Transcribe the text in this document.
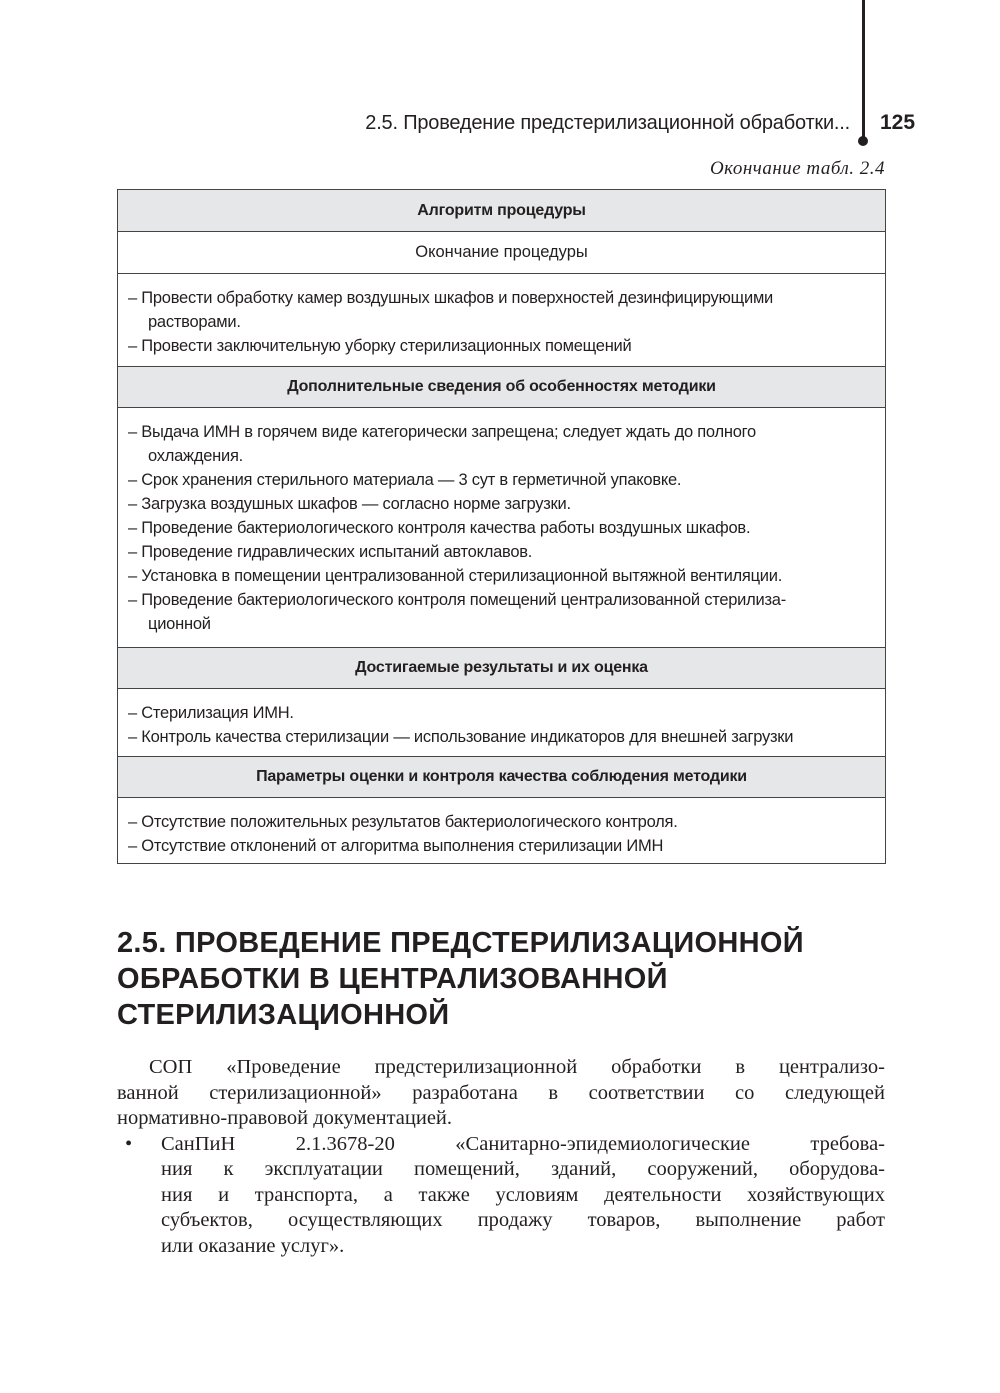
2.5. Проведение предстерилизационной обработки... 125
Окончание табл. 2.4
Алгоритм процедуры
Окончание процедуры
– Провести обработку камер воздушных шкафов и поверхностей дезинфицирующими
растворами.
– Провести заключительную уборку стерилизационных помещений
Дополнительные сведения об особенностях методики
– Выдача ИМН в горячем виде категорически запрещена; следует ждать до полного
охлаждения.
– Срок хранения стерильного материала — 3 сут в герметичной упаковке.
– Загрузка воздушных шкафов — согласно норме загрузки.
– Проведение бактериологического контроля качества работы воздушных шкафов.
– Проведение гидравлических испытаний автоклавов.
– Установка в помещении централизованной стерилизационной вытяжной вентиляции.
– Проведение бактериологического контроля помещений централизованной стерилиза-
ционной
Достигаемые результаты и их оценка
– Стерилизация ИМН.
– Контроль качества стерилизации — использование индикаторов для внешней загрузки
Параметры оценки и контроля качества соблюдения методики
– Отсутствие положительных результатов бактериологического контроля.
– Отсутствие отклонений от алгоритма выполнения стерилизации ИМН
2.5. ПРОВЕДЕНИЕ ПРЕДСТЕРИЛИЗАЦИОННОЙ
ОБРАБОТКИ В ЦЕНТРАЛИЗОВАННОЙ
СТЕРИЛИЗАЦИОННОЙ
СОП «Проведение предстерилизационной обработки в централизо-
ванной стерилизационной» разработана в соответствии со следующей
нормативно-правовой документацией.
•	СанПиН 2.1.3678-20 «Санитарно-эпидемиологические требова-
ния к эксплуатации помещений, зданий, сооружений, оборудова-
ния и транспорта, а также условиям деятельности хозяйствующих
субъектов, осуществляющих продажу товаров, выполнение работ
или оказание услуг».
